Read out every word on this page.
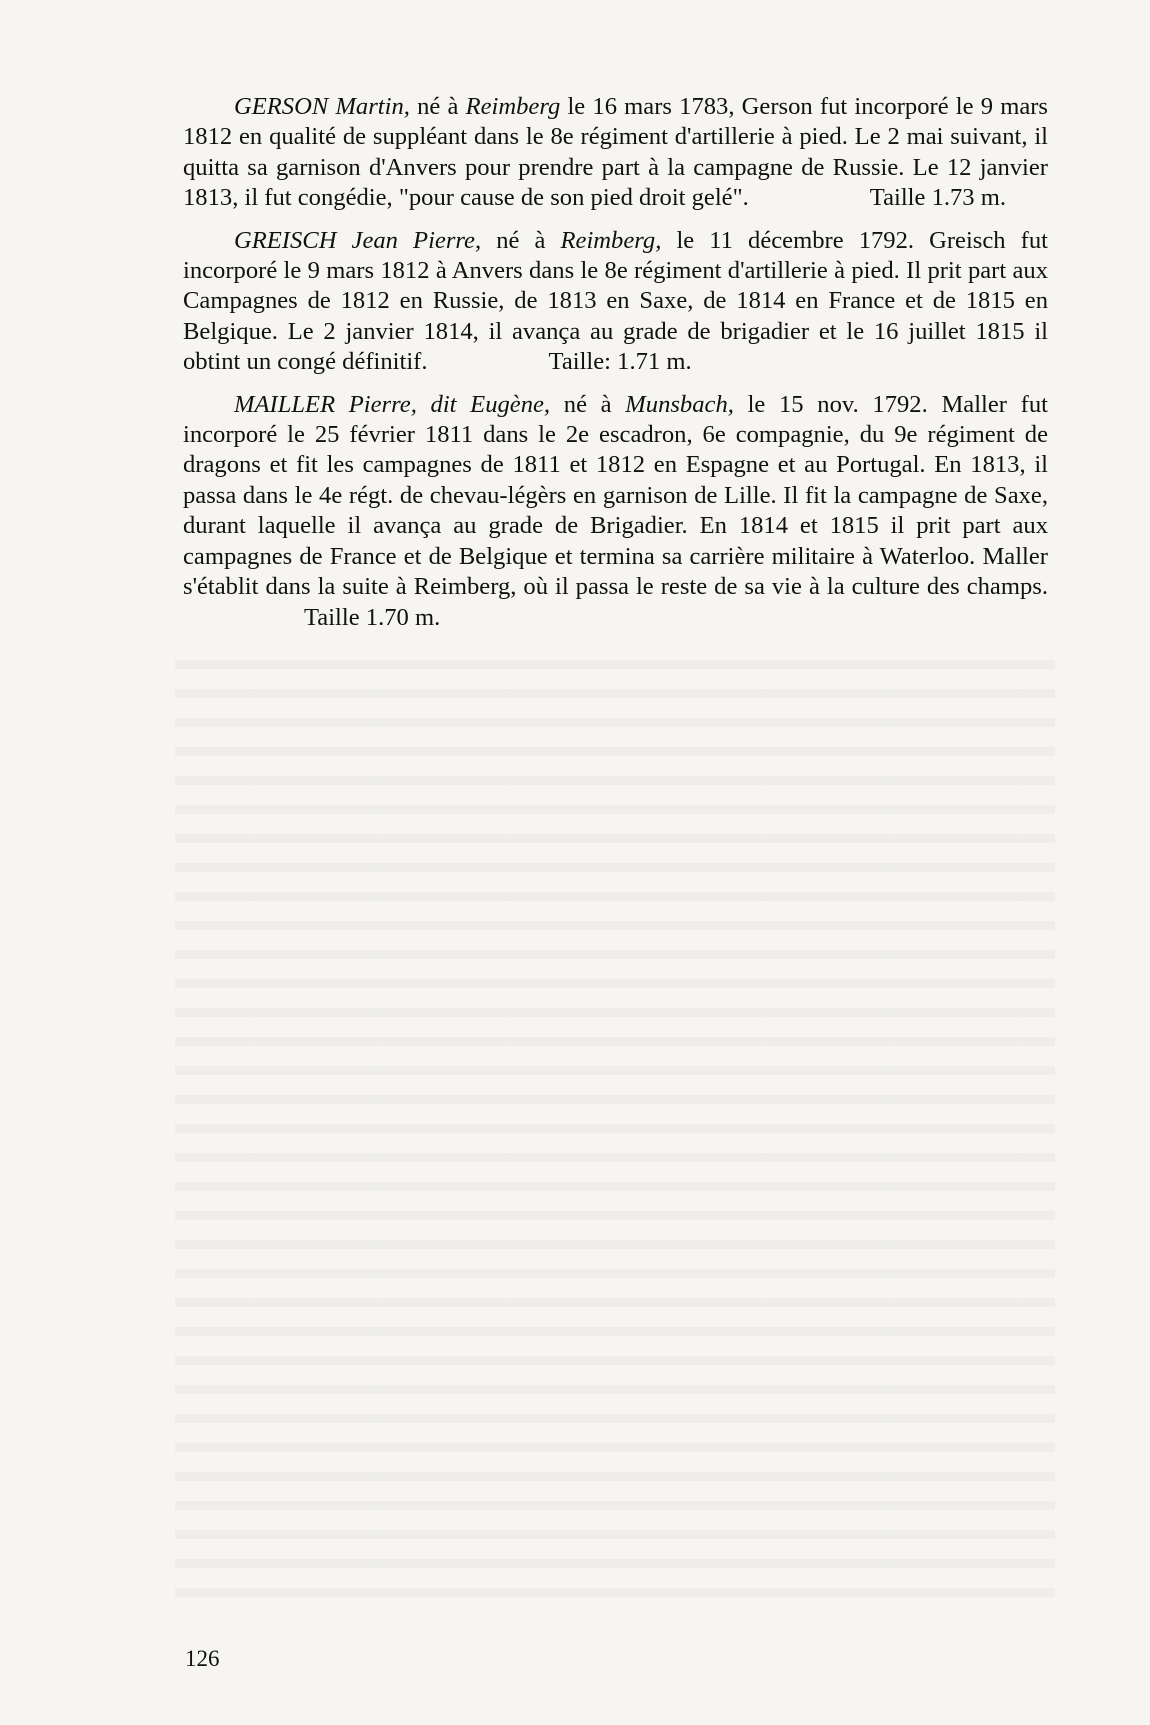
GERSON Martin, né à Reimberg le 16 mars 1783, Gerson fut incorporé le 9 mars 1812 en qualité de suppléant dans le 8e régiment d'artillerie à pied. Le 2 mai suivant, il quitta sa garnison d'Anvers pour prendre part à la campagne de Russie. Le 12 janvier 1813, il fut congédie, "pour cause de son pied droit gelé".	Taille 1.73 m.

GREISCH Jean Pierre, né à Reimberg, le 11 décembre 1792. Greisch fut incorporé le 9 mars 1812 à Anvers dans le 8e régiment d'artillerie à pied. Il prit part aux Campagnes de 1812 en Russie, de 1813 en Saxe, de 1814 en France et de 1815 en Belgique. Le 2 janvier 1814, il avança au grade de brigadier et le 16 juillet 1815 il obtint un congé définitif.	Taille: 1.71 m.

MAILLER Pierre, dit Eugène, né à Munsbach, le 15 nov. 1792. Maller fut incorporé le 25 février 1811 dans le 2e escadron, 6e compagnie, du 9e régiment de dragons et fit les campagnes de 1811 et 1812 en Espagne et au Portugal. En 1813, il passa dans le 4e régt. de chevau-légèrs en garnison de Lille. Il fit la campagne de Saxe, durant laquelle il avança au grade de Brigadier. En 1814 et 1815 il prit part aux campagnes de France et de Belgique et termina sa carrière militaire à Waterloo. Maller s'établit dans la suite à Reimberg, où il passa le reste de sa vie à la culture des champs.Taille 1.70 m.

126
